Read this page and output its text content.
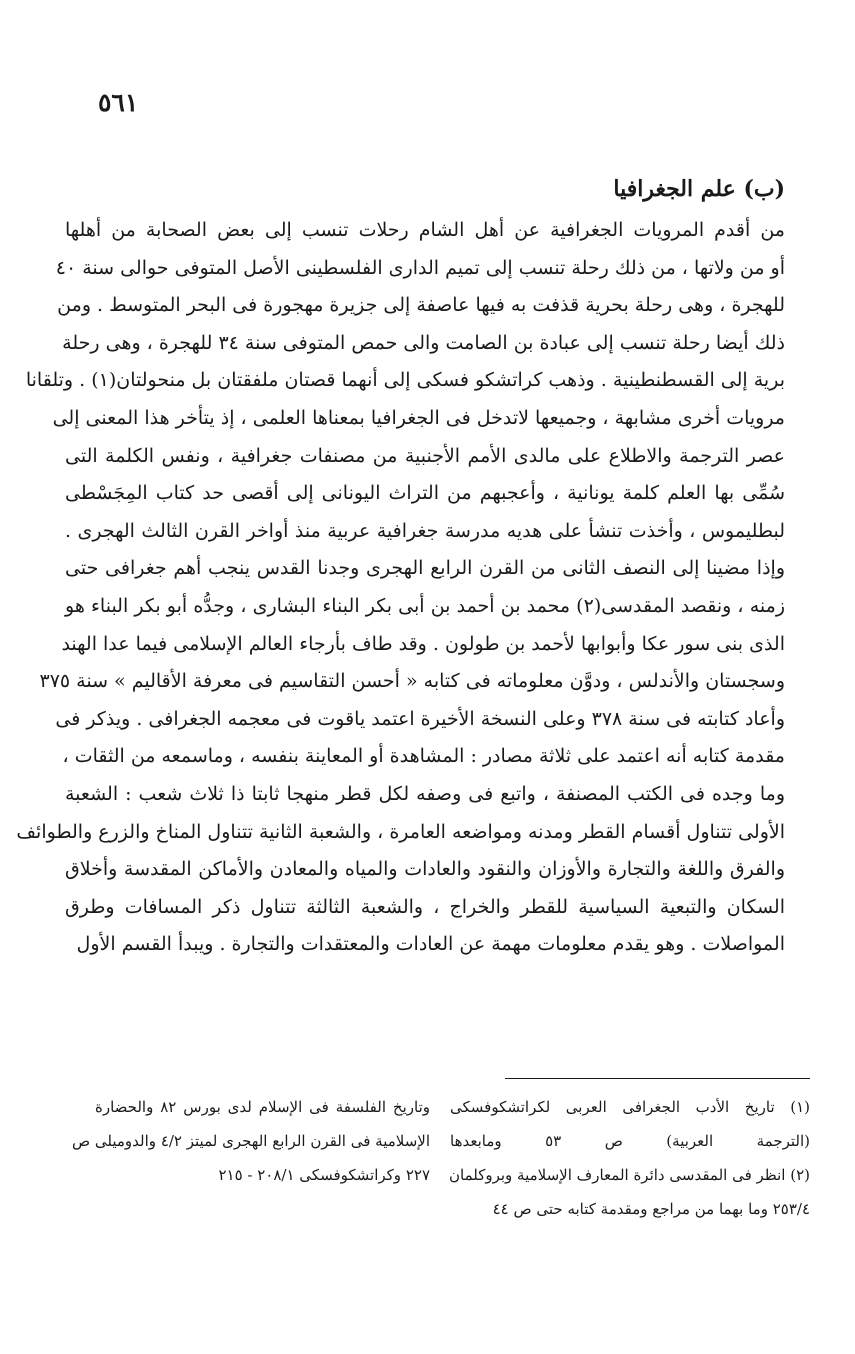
٥٦١
(ب) علم الجغرافيا
من أقدم المرويات الجغرافية عن أهل الشام رحلات تنسب إلى بعض الصحابة من أهلها
أو من ولاتها ، من ذلك رحلة تنسب إلى تميم الدارى الفلسطينى الأصل المتوفى حوالى سنة ٤٠
للهجرة ، وهى رحلة بحرية قذفت به فيها عاصفة إلى جزيرة مهجورة فى البحر المتوسط . ومن
ذلك أيضا رحلة تنسب إلى عبادة بن الصامت والى حمص المتوفى سنة ٣٤ للهجرة ، وهى رحلة
برية إلى القسطنطينية . وذهب كراتشكو فسكى إلى أنهما قصتان ملفقتان بل منحولتان(١) . وتلقانا
مرويات أخرى مشابهة ، وجميعها لاتدخل فى الجغرافيا بمعناها العلمى ، إذ يتأخر هذا المعنى إلى
عصر الترجمة والاطلاع على مالدى الأمم الأجنبية من مصنفات جغرافية ، ونفس الكلمة التى
سُمِّى بها العلم كلمة يونانية ، وأعجبهم من التراث اليونانى إلى أقصى حد كتاب المِجَسْطى
لبطليموس ، وأخذت تنشأ على هديه مدرسة جغرافية عربية منذ أواخر القرن الثالث الهجرى .
وإذا مضينا إلى النصف الثانى من القرن الرابع الهجرى وجدنا القدس ينجب أهم جغرافى حتى
زمنه ، ونقصد المقدسى(٢) محمد بن أحمد بن أبى بكر البناء البشارى ، وجدُّه أبو بكر البناء هو
الذى بنى سور عكا وأبوابها لأحمد بن طولون . وقد طاف بأرجاء العالم الإسلامى فيما عدا الهند
وسجستان والأندلس ، ودوَّن معلوماته فى كتابه « أحسن التقاسيم فى معرفة الأقاليم » سنة ٣٧٥
وأعاد كتابته فى سنة ٣٧٨ وعلى النسخة الأخيرة اعتمد ياقوت فى معجمه الجغرافى . ويذكر فى
مقدمة كتابه أنه اعتمد على ثلاثة مصادر : المشاهدة أو المعاينة بنفسه ، وماسمعه من الثقات ،
وما وجده فى الكتب المصنفة ، واتبع فى وصفه لكل قطر منهجا ثابتا ذا ثلاث شعب : الشعبة
الأولى تتناول أقسام القطر ومدنه ومواضعه العامرة ، والشعبة الثانية تتناول المناخ والزرع والطوائف
والفرق واللغة والتجارة والأوزان والنقود والعادات والمياه والمعادن والأماكن المقدسة وأخلاق
السكان والتبعية السياسية للقطر والخراج ، والشعبة الثالثة تتناول ذكر المسافات وطرق
المواصلات . وهو يقدم معلومات مهمة عن العادات والمعتقدات والتجارة . ويبدأ القسم الأول
(١) تاريخ الأدب الجغرافى العربى لكراتشكوفسكى
(الترجمة العربية) ص ٥٣ ومابعدها
(٢) انظر فى المقدسى دائرة المعارف الإسلامية وبروكلمان
٢٥٣/٤ وما بهما من مراجع ومقدمة كتابه حتى ص ٤٤
وتاريخ الفلسفة فى الإسلام لدى بورس ٨٢ والحضارة
الإسلامية فى القرن الرابع الهجرى لميتز ٤/٢ والدوميلى ص
٢٢٧ وكراتشكوفسكى ٢٠٨/١ - ٢١٥
